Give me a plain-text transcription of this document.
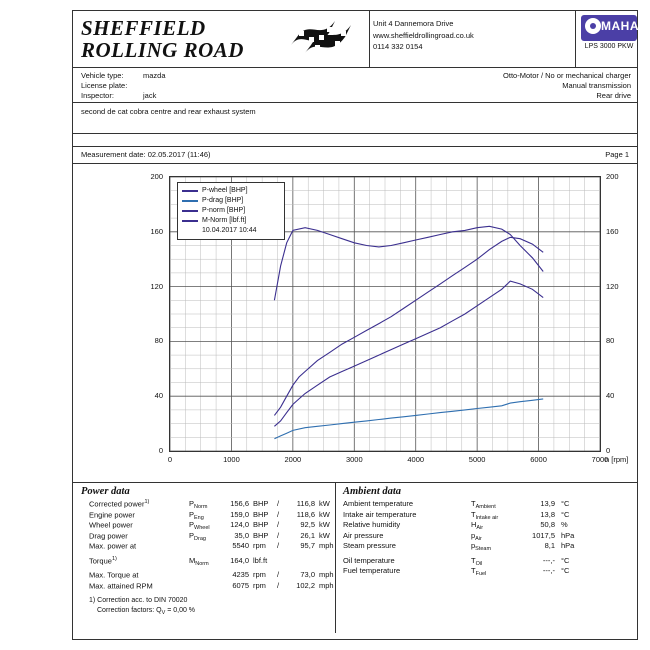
SHEFFIELD
ROLLING ROAD
Unit 4 Dannemora Drive
www.sheffieldrollingroad.co.uk
0114 332 0154
MAHA
LPS 3000 PKW
Vehicle type:	mazda	Otto-Motor / No or mechanical charger
License plate:	Manual transmission
Inspector:	jack	Rear drive
second de cat cobra centre and rear exhaust system
Measurement date: 02.05.2017 (11:46)	Page 1
0
40
80
120
160
200
0
40
80
120
160
200
0	1000	2000	3000	4000	5000	6000	7000
n [rpm]
P-wheel [BHP]
P-drag [BHP]
P-norm [BHP]
M-Norm [lbf.ft]
10.04.2017 10:44
Power data
Corrected power$^{1)}$	$P_{Norm}$	156,6 BHP /	116,8 kW
Engine power	$P_{Eng}$	159,0 BHP /	118,6 kW
Wheel power	$P_{Wheel}$	124,0 BHP /	92,5 kW
Drag power	$P_{Drag}$	35,0 BHP /	26,1 kW
Max. power at	5540 rpm /	95,7 mph
Torque$^{1)}$	$M_{Norm}$	164,0 lbf.ft
Max. Torque at	4235 rpm /	73,0 mph
Max. attained RPM	6075 rpm /	102,2 mph
1) Correction acc. to DIN 70020
Correction factors: $Q_V = 0,00$ %
Ambient data
Ambient temperature	$T_{Ambient}$	13,9 °C
Intake air temperature	$T_{Intake air}$	13,8 °C
Relative humidity	$H_{Air}$	50,8 %
Air pressure	$p_{Air}$	1017,5 hPa
Steam pressure	$p_{Steam}$	8,1 hPa
Oil temperature	$T_{Oil}$	---,- °C
Fuel temperature	$T_{Fuel}$	---,- °C
